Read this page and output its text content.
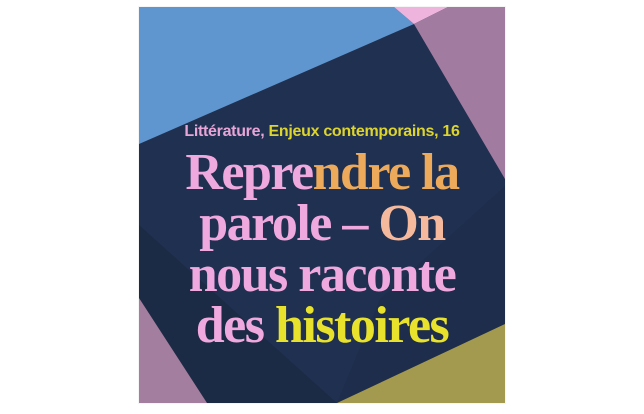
Littérature, Enjeux contemporains, 16
Reprendre la
parole – On
nous raconte
des histoires
